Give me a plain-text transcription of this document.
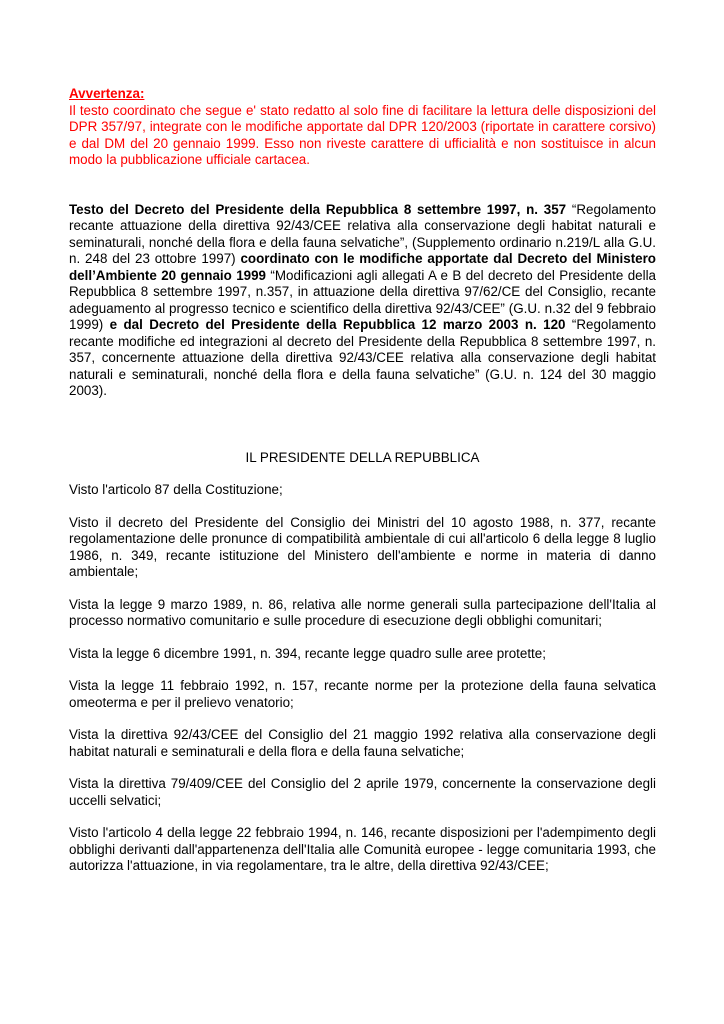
Avvertenza:

Il testo coordinato che segue e' stato redatto al solo fine di facilitare la lettura delle disposizioni del DPR 357/97, integrate con le modifiche apportate dal DPR 120/2003 (riportate in carattere corsivo) e dal DM del 20 gennaio 1999. Esso non riveste carattere di ufficialità e non sostituisce in alcun modo la pubblicazione ufficiale cartacea.

Testo del Decreto del Presidente della Repubblica 8 settembre 1997, n. 357 “Regolamento recante attuazione della direttiva 92/43/CEE relativa alla conservazione degli habitat naturali e seminaturali, nonché della flora e della fauna selvatiche”, (Supplemento ordinario n.219/L alla G.U. n. 248 del 23 ottobre 1997) coordinato con le modifiche apportate dal Decreto del Ministero dell’Ambiente 20 gennaio 1999 “Modificazioni agli allegati A e B del decreto del Presidente della Repubblica 8 settembre 1997, n.357, in attuazione della direttiva 97/62/CE del Consiglio, recante adeguamento al progresso tecnico e scientifico della direttiva 92/43/CEE” (G.U. n.32 del 9 febbraio 1999) e dal Decreto del Presidente della Repubblica 12 marzo 2003 n. 120 “Regolamento recante modifiche ed integrazioni al decreto del Presidente della Repubblica 8 settembre 1997, n. 357, concernente attuazione della direttiva 92/43/CEE relativa alla conservazione degli habitat naturali e seminaturali, nonché della flora e della fauna selvatiche” (G.U. n. 124 del 30 maggio 2003).

IL PRESIDENTE DELLA REPUBBLICA

Visto l'articolo 87 della Costituzione;

Visto il decreto del Presidente del Consiglio dei Ministri del 10 agosto 1988, n. 377, recante regolamentazione delle pronunce di compatibilità ambientale di cui all'articolo 6 della legge 8 luglio 1986, n. 349, recante istituzione del Ministero dell'ambiente e norme in materia di danno ambientale;

Vista la legge 9 marzo 1989, n. 86, relativa alle norme generali sulla partecipazione dell'Italia al processo normativo comunitario e sulle procedure di esecuzione degli obblighi comunitari;

Vista la legge 6 dicembre 1991, n. 394, recante legge quadro sulle aree protette;

Vista la legge 11 febbraio 1992, n. 157, recante norme per la protezione della fauna selvatica omeoterma e per il prelievo venatorio;

Vista la direttiva 92/43/CEE del Consiglio del 21 maggio 1992 relativa alla conservazione degli habitat naturali e seminaturali e della flora e della fauna selvatiche;

Vista la direttiva 79/409/CEE del Consiglio del 2 aprile 1979, concernente la conservazione degli uccelli selvatici;

Visto l'articolo 4 della legge 22 febbraio 1994, n. 146, recante disposizioni per l'adempimento degli obblighi derivanti dall'appartenenza dell'Italia alle Comunità europee - legge comunitaria 1993, che autorizza l'attuazione, in via regolamentare, tra le altre, della direttiva 92/43/CEE;
